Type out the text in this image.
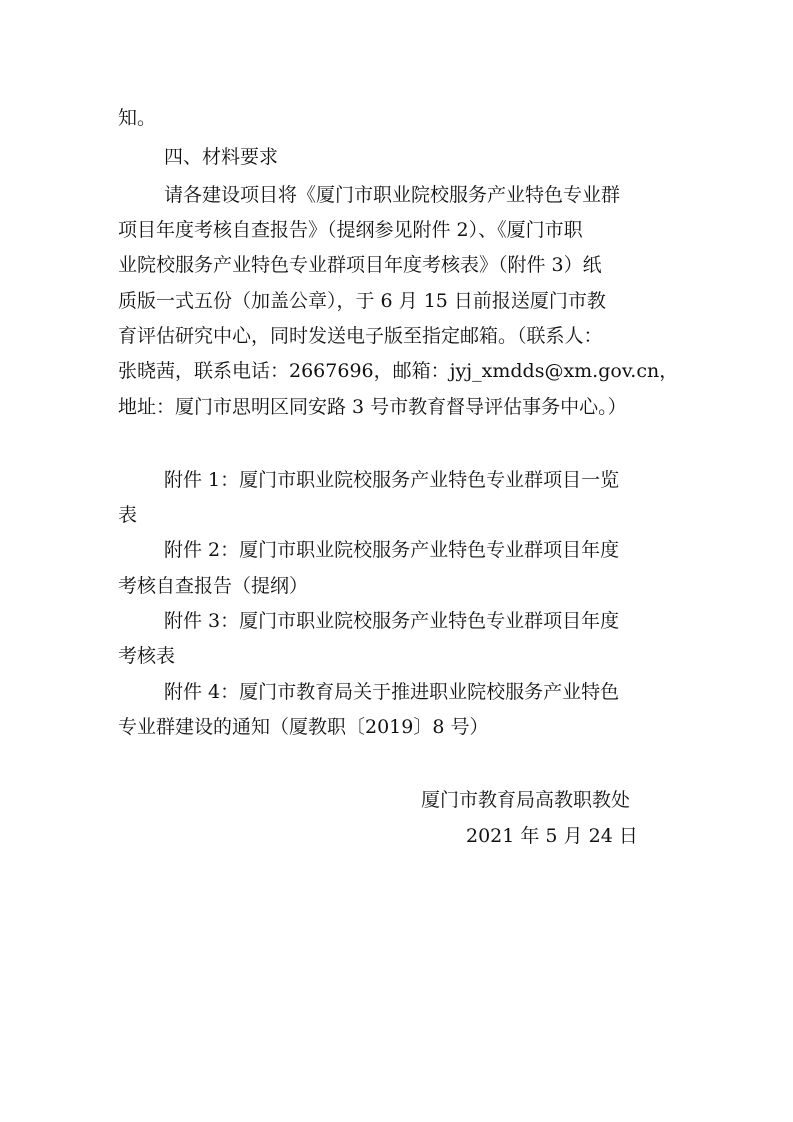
知。
四、材料要求
请各建设项目将《厦门市职业院校服务产业特色专业群
项目年度考核自查报告》（提纲参见附件 2）、《厦门市职
业院校服务产业特色专业群项目年度考核表》（附件 3）纸
质版一式五份（加盖公章），于 6 月 15 日前报送厦门市教
育评估研究中心，同时发送电子版至指定邮箱。（联系人：
张晓茜，联系电话：2667696，邮箱：jyj_xmdds@xm.gov.cn，
地址：厦门市思明区同安路 3 号市教育督导评估事务中心。）
附件 1：厦门市职业院校服务产业特色专业群项目一览
表
附件 2：厦门市职业院校服务产业特色专业群项目年度
考核自查报告（提纲）
附件 3：厦门市职业院校服务产业特色专业群项目年度
考核表
附件 4：厦门市教育局关于推进职业院校服务产业特色
专业群建设的通知（厦教职〔2019〕8 号）
厦门市教育局高教职教处
2021 年 5 月 24 日
